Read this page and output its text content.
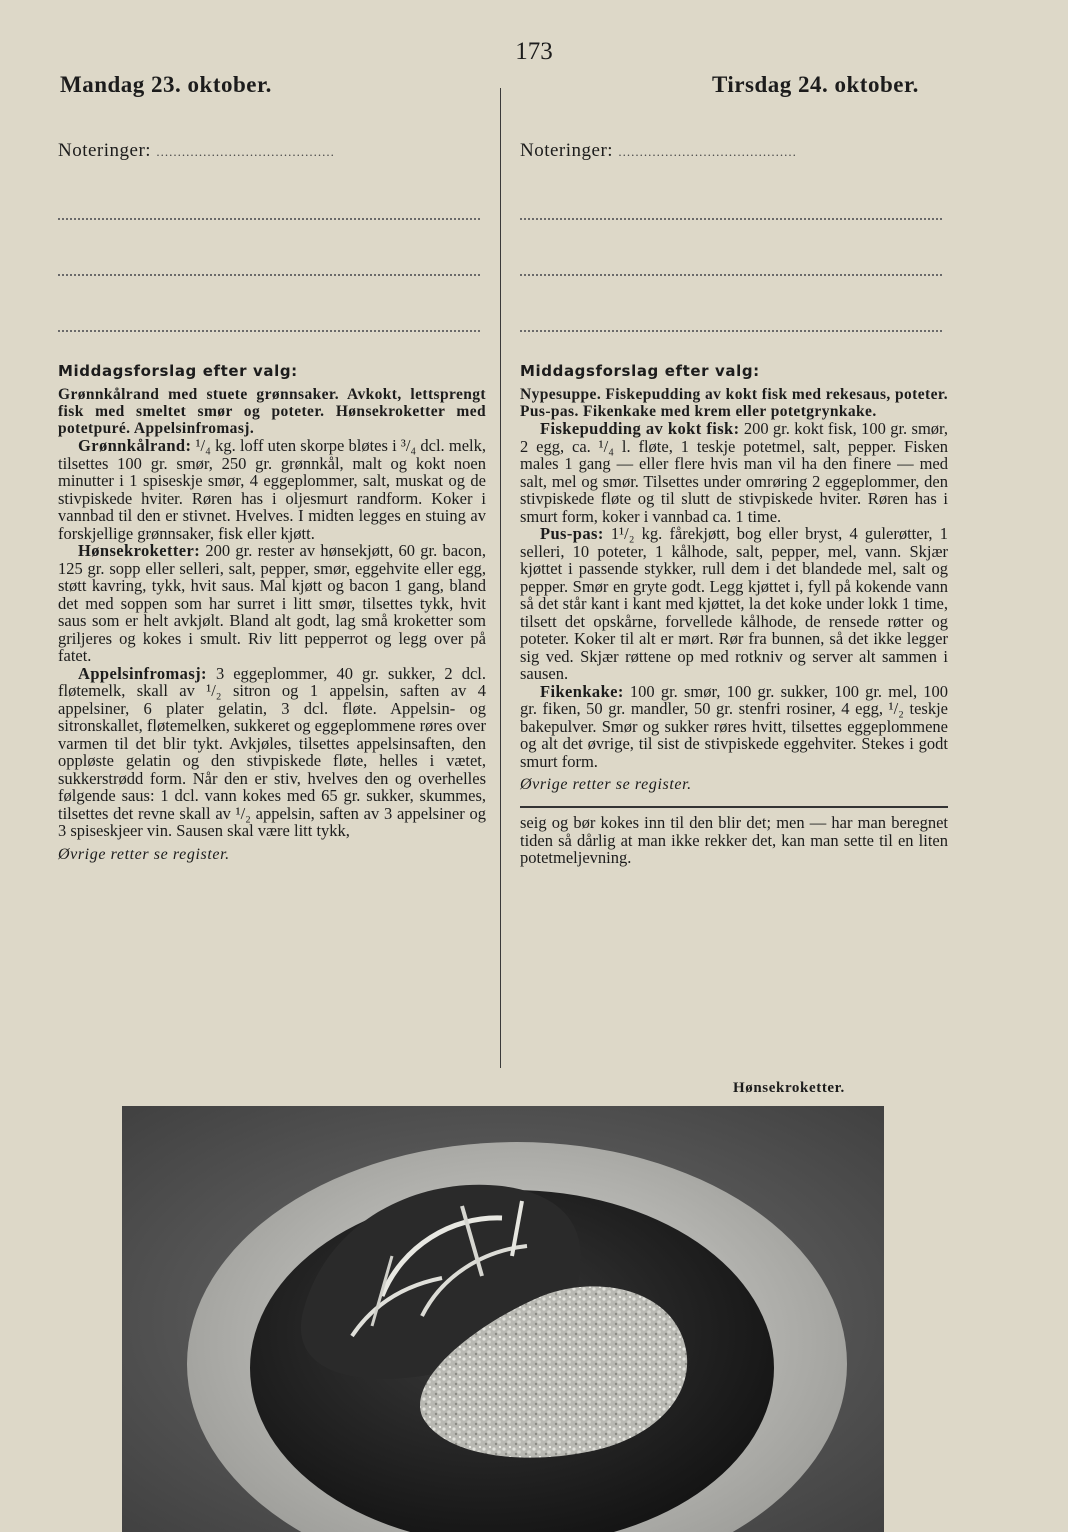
173
Mandag 23. oktober.	Tirsdag 24. oktober.
Noteringer: ..........................................
Middagsforslag efter valg:

Grønnkålrand med stuete grønnsaker. Avkokt, lettsprengt fisk med smeltet smør og poteter. Hønsekroketter med potetpuré. Appelsinfromasj.

Grønnkålrand: ¹/₄ kg. loff uten skorpe bløtes i ³/₄ dcl. melk, tilsettes 100 gr. smør, 250 gr. grønnkål, malt og kokt noen minutter i 1 spiseskje smør, 4 eggeplommer, salt, muskat og de stivpiskede hviter. Røren has i oljesmurt randform. Koker i vannbad til den er stivnet. Hvelves. I midten legges en stuing av forskjellige grønnsaker, fisk eller kjøtt.

Hønsekroketter: 200 gr. rester av hønsekjøtt, 60 gr. bacon, 125 gr. sopp eller selleri, salt, pepper, smør, eggehvite eller egg, støtt kavring, tykk, hvit saus. Mal kjøtt og bacon 1 gang, bland det med soppen som har surret i litt smør, tilsettes tykk, hvit saus som er helt avkjølt. Bland alt godt, lag små kroketter som griljeres og kokes i smult. Riv litt pepperrot og legg over på fatet.

Appelsinfromasj: 3 eggeplommer, 40 gr. sukker, 2 dcl. fløtemelk, skall av ¹/₂ sitron og 1 appelsin, saften av 4 appelsiner, 6 plater gelatin, 3 dcl. fløte. Appelsin- og sitronskallet, fløtemelken, sukkeret og eggeplommene røres over varmen til det blir tykt. Avkjøles, tilsettes appelsinsaften, den oppløste gelatin og den stivpiskede fløte, helles i vætet, sukkerstrødd form. Når den er stiv, hvelves den og overhelles følgende saus: 1 dcl. vann kokes med 65 gr. sukker, skummes, tilsettes det revne skall av ¹/₂ appelsin, saften av 3 appelsiner og 3 spiseskjeer vin. Sausen skal være litt tykk,

Øvrige retter se register.
Noteringer: ..........................................
Middagsforslag efter valg:

Nypesuppe. Fiskepudding av kokt fisk med rekesaus, poteter. Pus-pas. Fikenkake med krem eller potetgrynkake.

Fiskepudding av kokt fisk: 200 gr. kokt fisk, 100 gr. smør, 2 egg, ca. ¹/₄ l. fløte, 1 teskje potetmel, salt, pepper. Fisken males 1 gang — eller flere hvis man vil ha den finere — med salt, mel og smør. Tilsettes under omrøring 2 eggeplommer, den stivpiskede fløte og til slutt de stivpiskede hviter. Røren has i smurt form, koker i vannbad ca. 1 time.

Pus-pas: 1¹/₂ kg. fårekjøtt, bog eller bryst, 4 gulerøtter, 1 selleri, 10 poteter, 1 kålhode, salt, pepper, mel, vann. Skjær kjøttet i passende stykker, rull dem i det blandede mel, salt og pepper. Smør en gryte godt. Legg kjøttet i, fyll på kokende vann så det står kant i kant med kjøttet, la det koke under lokk 1 time, tilsett det opskårne, forvellede kålhode, de rensede røtter og poteter. Koker til alt er mørt. Rør fra bunnen, så det ikke legger sig ved. Skjær røttene op med rotkniv og server alt sammen i sausen.

Fikenkake: 100 gr. smør, 100 gr. sukker, 100 gr. mel, 100 gr. fiken, 50 gr. mandler, 50 gr. stenfri rosiner, 4 egg, ¹/₂ teskje bakepulver. Smør og sukker røres hvitt, tilsettes eggeplommene og alt det øvrige, til sist de stivpiskede eggehviter. Stekes i godt smurt form.

Øvrige retter se register.

seig og bør kokes inn til den blir det; men — har man beregnet tiden så dårlig at man ikke rekker det, kan man sette til en liten potetmeljevning.

Hønsekroketter.
